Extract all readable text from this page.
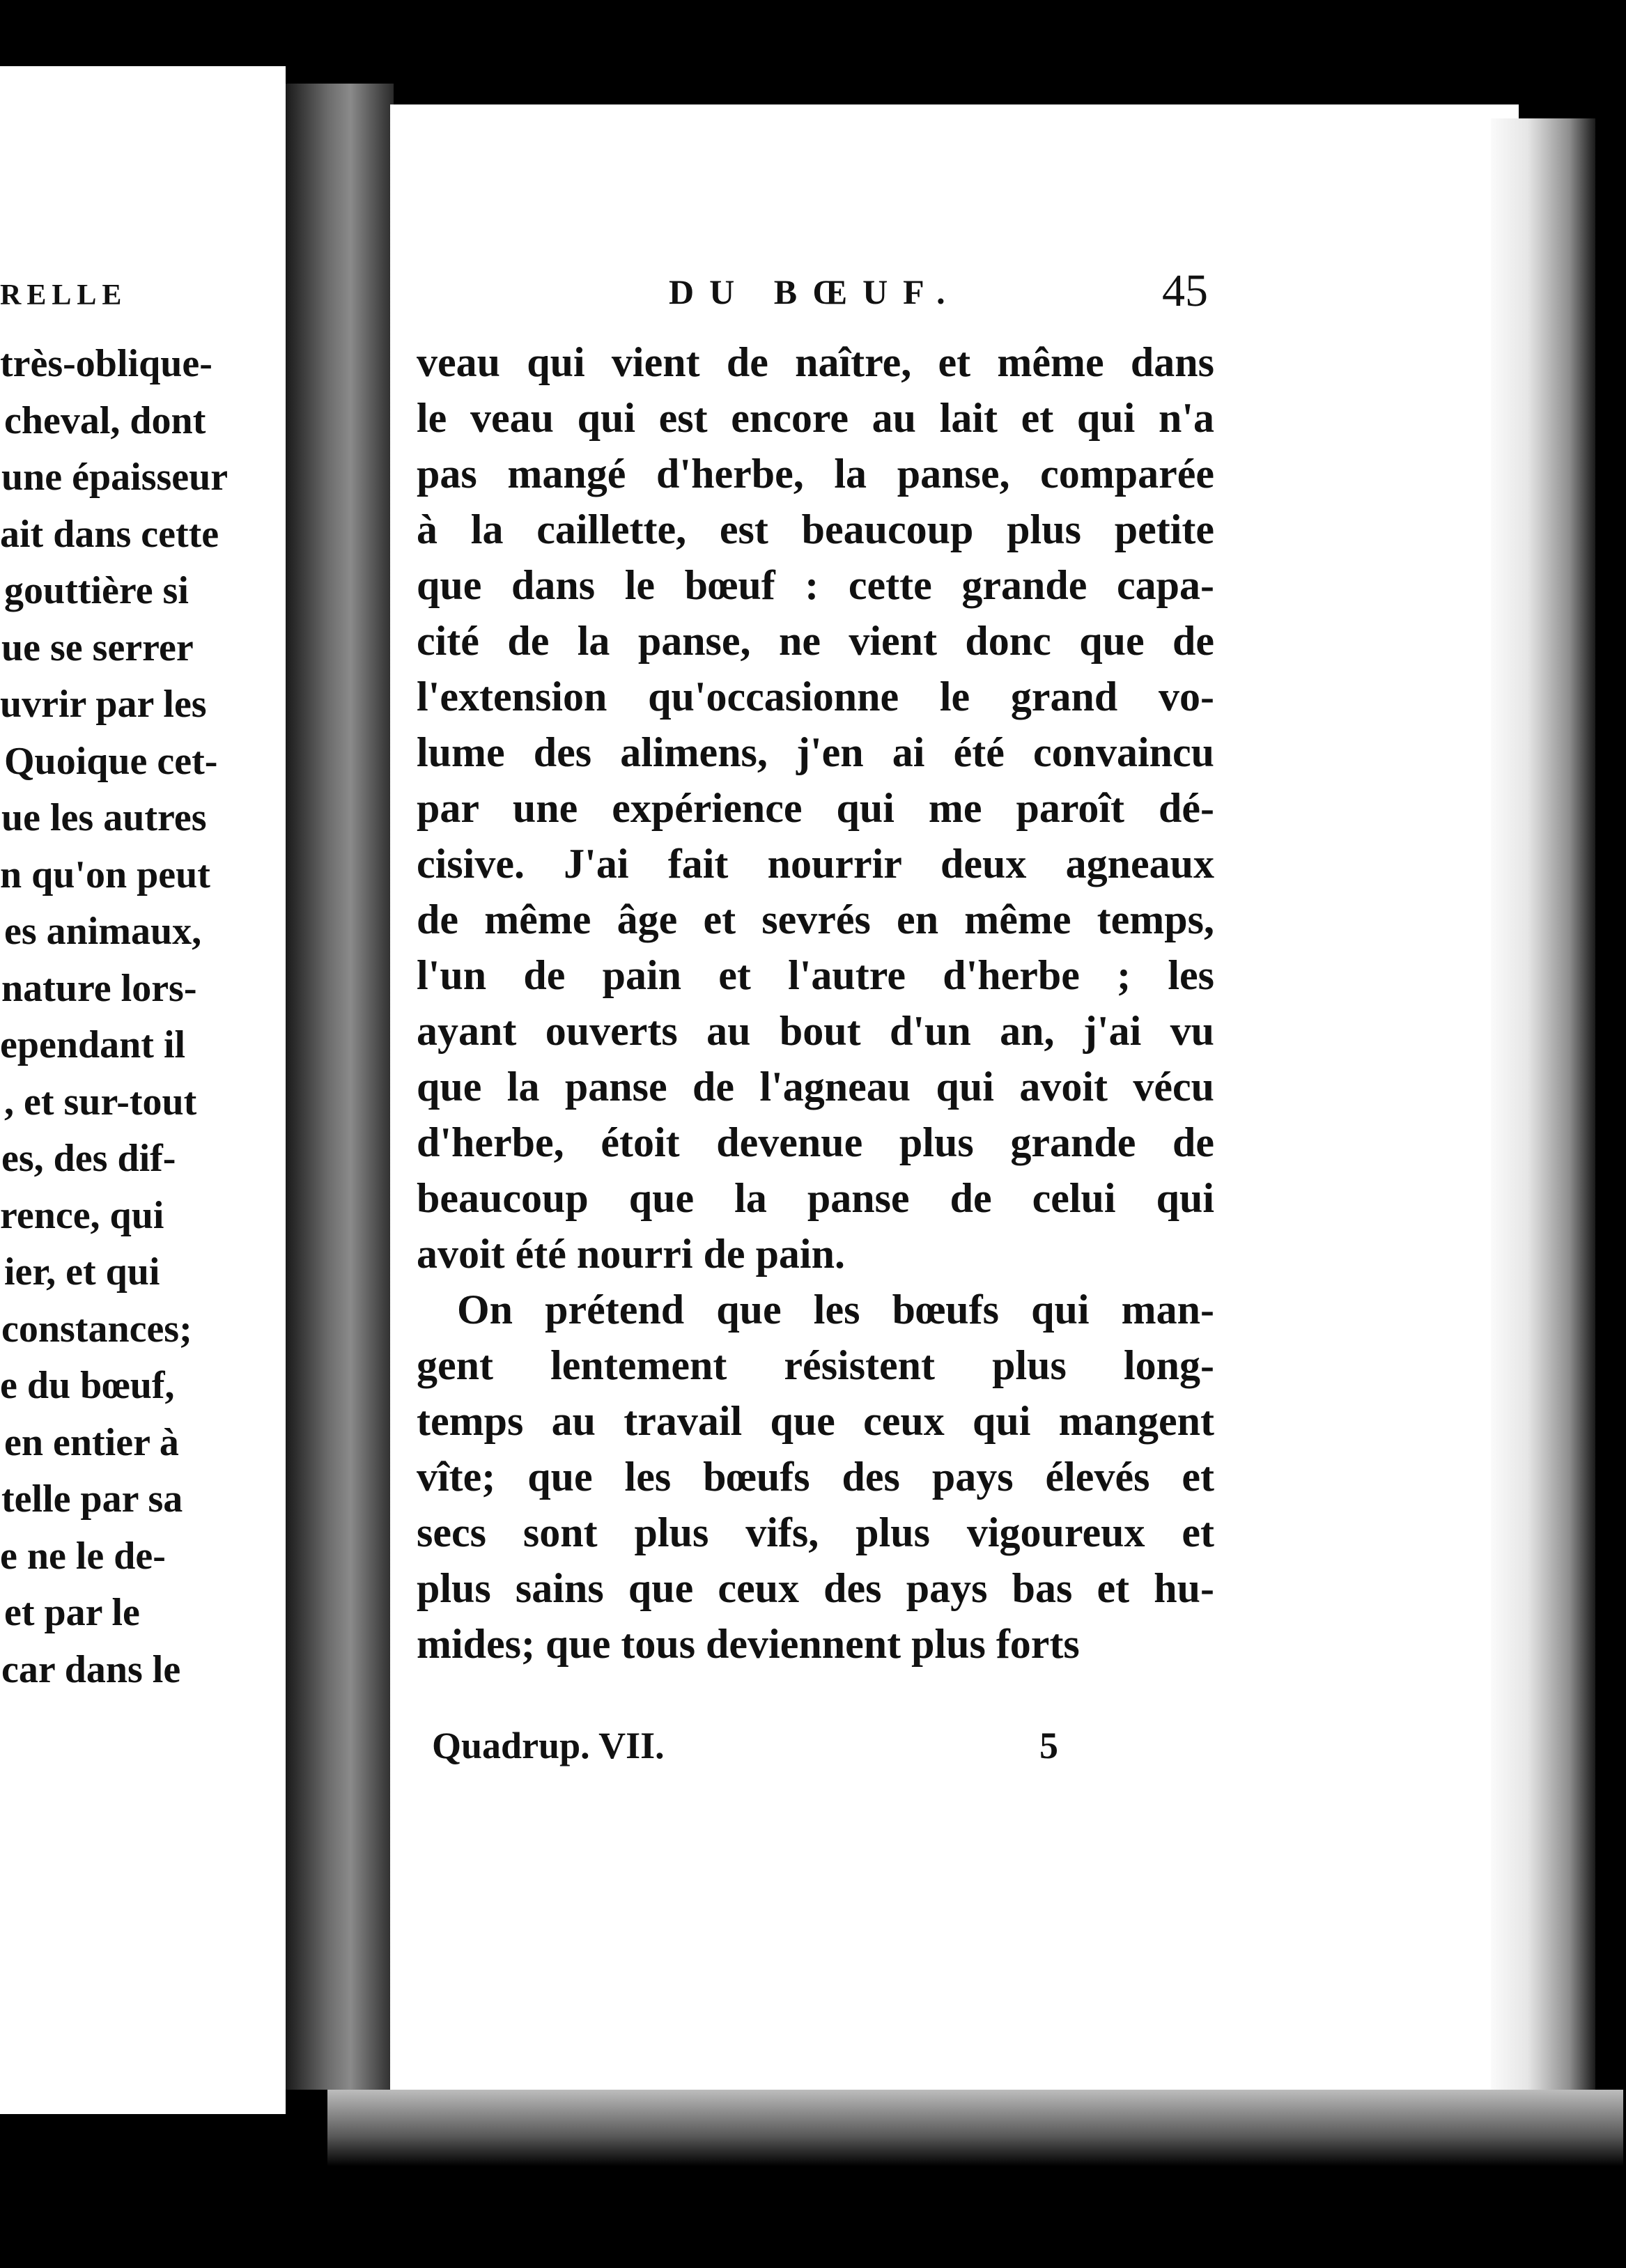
RELLE
très-oblique-
cheval, dont
une épaisseur
ait dans cette
gouttière si
ue se serrer
uvrir par les
Quoique cet-
ue les autres
n qu'on peut
es animaux,
nature lors-
ependant il
, et sur-tout
es, des dif-
rence, qui
ier, et qui
constances;
e du bœuf,
en entier à
telle par sa
e ne le de-
et par le
car dans le
DU BŒUF.	45
veau qui vient de naître, et même dans
le veau qui est encore au lait et qui n'a
pas mangé d'herbe, la panse, comparée
à la caillette, est beaucoup plus petite
que dans le bœuf : cette grande capa-
cité de la panse, ne vient donc que de
l'extension qu'occasionne le grand vo-
lume des alimens, j'en ai été convaincu
par une expérience qui me paroît dé-
cisive. J'ai fait nourrir deux agneaux
de même âge et sevrés en même temps,
l'un de pain et l'autre d'herbe ; les
ayant ouverts au bout d'un an, j'ai vu
que la panse de l'agneau qui avoit vécu
d'herbe, étoit devenue plus grande de
beaucoup que la panse de celui qui
avoit été nourri de pain.
On prétend que les bœufs qui man-
gent lentement résistent plus long-
temps au travail que ceux qui mangent
vîte; que les bœufs des pays élevés et
secs sont plus vifs, plus vigoureux et
plus sains que ceux des pays bas et hu-
mides; que tous deviennent plus forts
Quadrup. VII.	5
